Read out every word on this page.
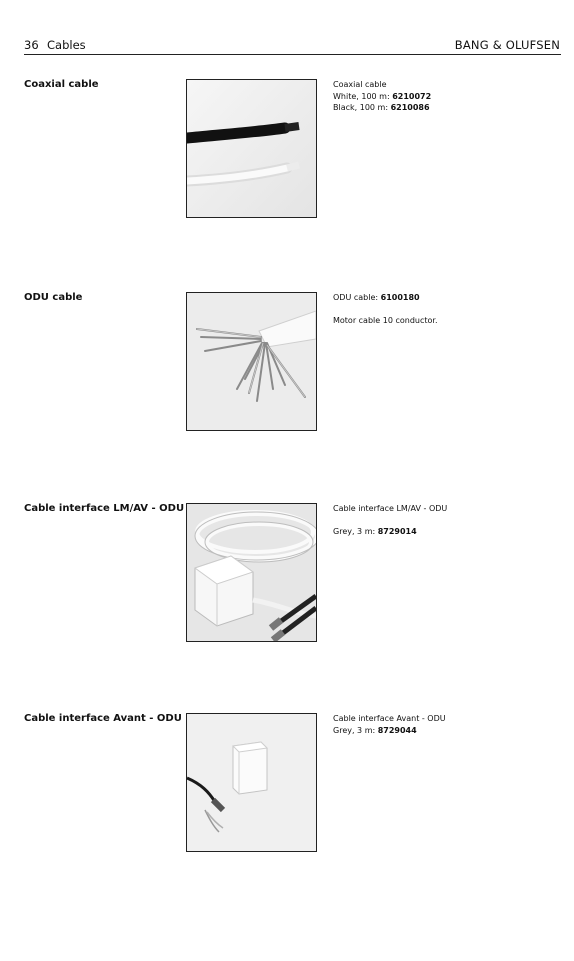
36 Cables	BANG & OLUFSEN
Coaxial cable	Coaxial cable
White, 100 m: 6210072
Black, 100 m: 6210086
ODU cable	ODU cable: 6100180
Motor cable 10 conductor.
Cable interface LM/AV - ODU	Cable interface LM/AV - ODU
Grey, 3 m: 8729014
Cable interface Avant - ODU	Cable interface Avant - ODU
Grey, 3 m: 8729044
